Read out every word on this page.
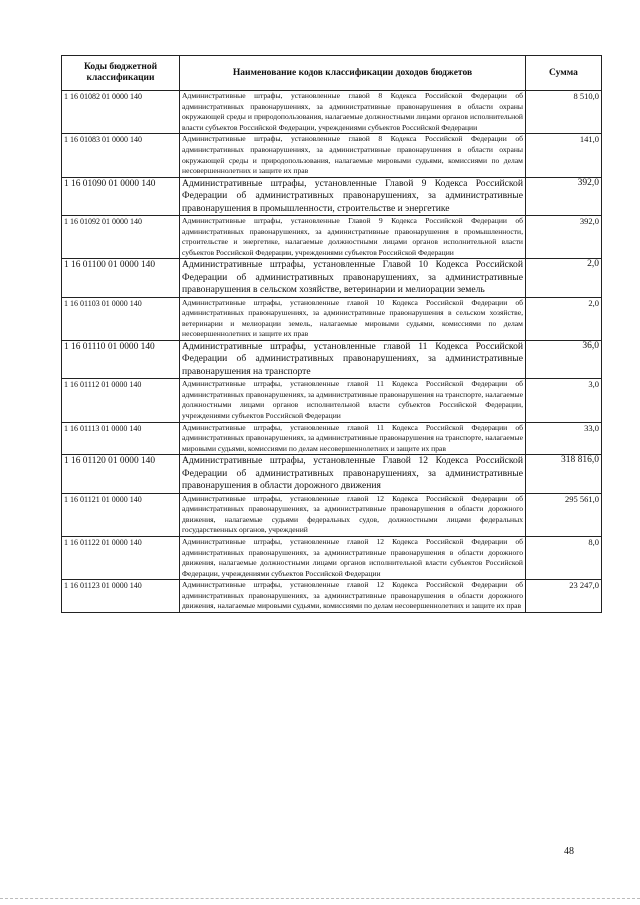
Коды бюджетной классификации	Наименование кодов классификации доходов бюджетов	Сумма
1 16 01082 01 0000 140	Административные штрафы, установленные главой 8 Кодекса Российской Федерации об административных правонарушениях, за административные правонарушения в области охраны окружающей среды и природопользования, налагаемые должностными лицами органов исполнительной власти субъектов Российской Федерации, учреждениями субъектов Российской Федерации	8 510,0
1 16 01083 01 0000 140	Административные штрафы, установленные главой 8 Кодекса Российской Федерации об административных правонарушениях, за административные правонарушения в области охраны окружающей среды и природопользования, налагаемые мировыми судьями, комиссиями по делам несовершеннолетних и защите их прав	141,0
1 16 01090 01 0000 140	Административные штрафы, установленные Главой 9 Кодекса Российской Федерации об административных правонарушениях, за административные правонарушения в промышленности, строительстве и энергетике	392,0
1 16 01092 01 0000 140	Административные штрафы, установленные Главой 9 Кодекса Российской Федерации об административных правонарушениях, за административные правонарушения в промышленности, строительстве и энергетике, налагаемые должностными лицами органов исполнительной власти субъектов Российской Федерации, учреждениями субъектов Российской Федерации	392,0
1 16 01100 01 0000 140	Административные штрафы, установленные Главой 10 Кодекса Российской Федерации об административных правонарушениях, за административные правонарушения в сельском хозяйстве, ветеринарии и мелиорации земель	2,0
1 16 01103 01 0000 140	Административные штрафы, установленные главой 10 Кодекса Российской Федерации об административных правонарушениях, за административные правонарушения в сельском хозяйстве, ветеринарии и мелиорации земель, налагаемые мировыми судьями, комиссиями по делам несовершеннолетних и защите их прав	2,0
1 16 01110 01 0000 140	Административные штрафы, установленные главой 11 Кодекса Российской Федерации об административных правонарушениях, за административные правонарушения на транспорте	36,0
1 16 01112 01 0000 140	Административные штрафы, установленные главой 11 Кодекса Российской Федерации об административных правонарушениях, за административные правонарушения на транспорте, налагаемые должностными лицами органов исполнительной власти субъектов Российской Федерации, учреждениями субъектов Российской Федерации	3,0
1 16 01113 01 0000 140	Административные штрафы, установленные главой 11 Кодекса Российской Федерации об административных правонарушениях, за административные правонарушения на транспорте, налагаемые мировыми судьями, комиссиями по делам несовершеннолетних и защите их прав	33,0
1 16 01120 01 0000 140	Административные штрафы, установленные Главой 12 Кодекса Российской Федерации об административных правонарушениях, за административные правонарушения в области дорожного движения	318 816,0
1 16 01121 01 0000 140	Административные штрафы, установленные главой 12 Кодекса Российской Федерации об административных правонарушениях, за административные правонарушения в области дорожного движения, налагаемые судьями федеральных судов, должностными лицами федеральных государственных органов, учреждений	295 561,0
1 16 01122 01 0000 140	Административные штрафы, установленные главой 12 Кодекса Российской Федерации об административных правонарушениях, за административные правонарушения в области дорожного движения, налагаемые должностными лицами органов исполнительной власти субъектов Российской Федерации, учреждениями субъектов Российской Федерации	8,0
1 16 01123 01 0000 140	Административные штрафы, установленные главой 12 Кодекса Российской Федерации об административных правонарушениях, за административные правонарушения в области дорожного движения, налагаемые мировыми судьями, комиссиями по делам несовершеннолетних и защите их прав	23 247,0
48
